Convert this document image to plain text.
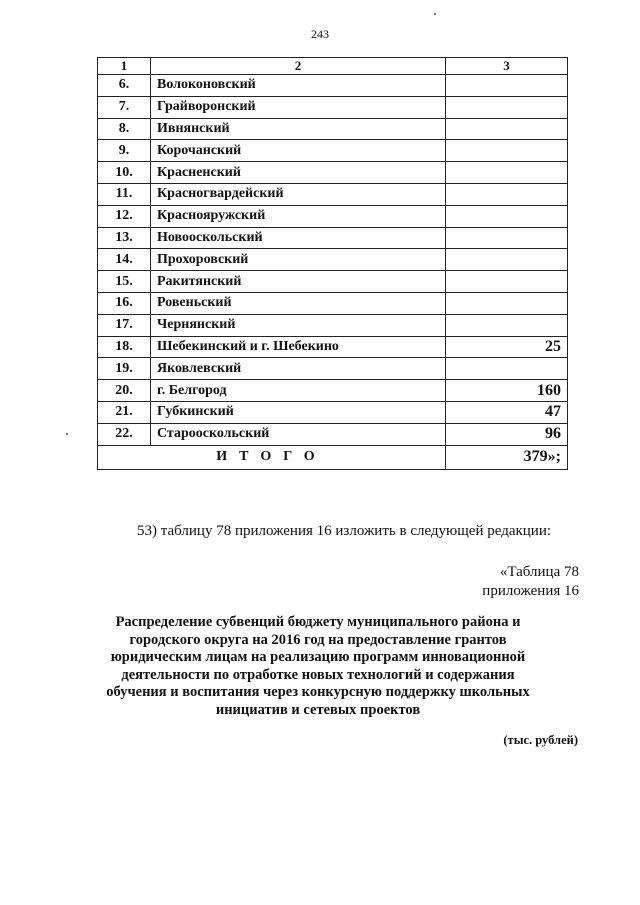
243
1	2	3
6.	Волоконовский	
7.	Грайворонский	
8.	Ивнянский	
9.	Корочанский	
10.	Красненский	
11.	Красногвардейский	
12.	Краснояружский	
13.	Новооскольский	
14.	Прохоровский	
15.	Ракитянский	
16.	Ровеньский	
17.	Чернянский	
18.	Шебекинский и г. Шебекино	25
19.	Яковлевский	
20.	г. Белгород	160
21.	Губкинский	47
22.	Старооскольский	96
ИТОГО		379»;
53) таблицу 78 приложения 16 изложить в следующей редакции:
«Таблица 78
приложения 16
Распределение субвенций бюджету муниципального района и
городского округа на 2016 год на предоставление грантов
юридическим лицам на реализацию программ инновационной
деятельности по отработке новых технологий и содержания
обучения и воспитания через конкурсную поддержку школьных
инициатив и сетевых проектов
(тыс. рублей)
